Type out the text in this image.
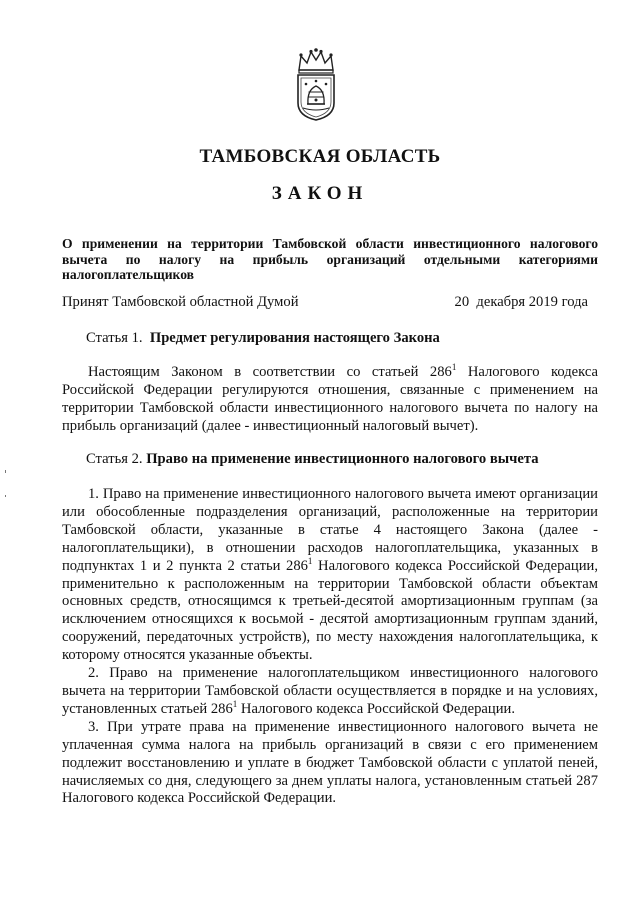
ТАМБОВСКАЯ ОБЛАСТЬ
ЗАКОН
О применении на территории Тамбовской области инвестиционного налогового вычета по налогу на прибыль организаций отдельными категориями налогоплательщиков
Принят Тамбовской областной Думой	20  декабря 2019 года
Статья 1. Предмет регулирования настоящего Закона

Настоящим Законом в соответствии со статьей $286^1$ Налогового кодекса Российской Федерации регулируются отношения, связанные с применением на территории Тамбовской области инвестиционного налогового вычета по налогу на прибыль организаций (далее - инвестиционный налоговый вычет).

Статья 2. Право на применение инвестиционного налогового вычета

1. Право на применение инвестиционного налогового вычета имеют организации или обособленные подразделения организаций, расположенные на территории Тамбовской области, указанные в статье 4 настоящего Закона (далее - налогоплательщики), в отношении расходов налогоплательщика, указанных в подпунктах 1 и 2 пункта 2 статьи $286^1$ Налогового кодекса Российской Федерации, применительно к расположенным на территории Тамбовской области объектам основных средств, относящимся к третьей-десятой амортизационным группам (за исключением относящихся к восьмой - десятой амортизационным группам зданий, сооружений, передаточных устройств), по месту нахождения налогоплательщика, к которому относятся указанные объекты.

2. Право на применение налогоплательщиком инвестиционного налогового вычета на территории Тамбовской области осуществляется в порядке и на условиях, установленных статьей $286^1$ Налогового кодекса Российской Федерации.

3. При утрате права на применение инвестиционного налогового вычета не уплаченная сумма налога на прибыль организаций в связи с его применением подлежит восстановлению и уплате в бюджет Тамбовской области с уплатой пеней, начисляемых со дня, следующего за днем уплаты налога, установленным статьей 287 Налогового кодекса Российской Федерации.
